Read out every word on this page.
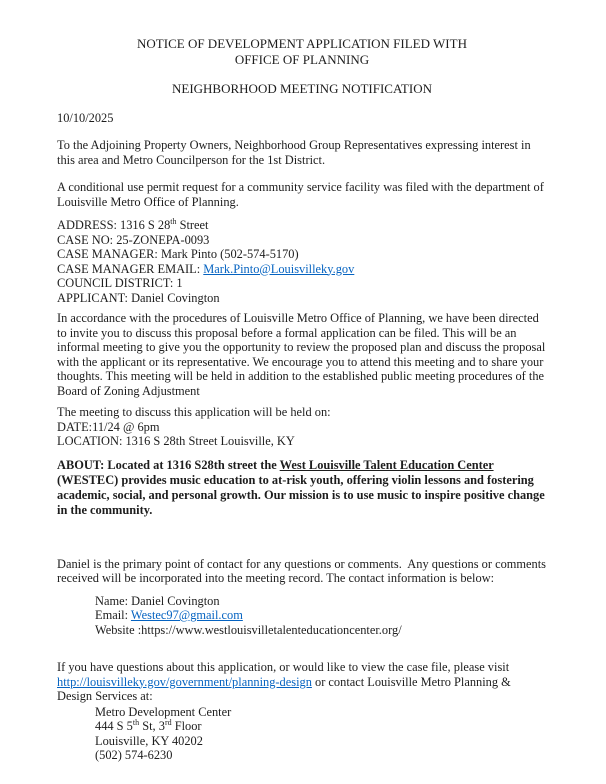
NOTICE OF DEVELOPMENT APPLICATION FILED WITH
OFFICE OF PLANNING
NEIGHBORHOOD MEETING NOTIFICATION
10/10/2025

To the Adjoining Property Owners, Neighborhood Group Representatives expressing interest in this area and Metro Councilperson for the 1st District.

A conditional use permit request for a community service facility was filed with the department of Louisville Metro Office of Planning.

ADDRESS: 1316 S 28th Street
CASE NO: 25-ZONEPA-0093
CASE MANAGER: Mark Pinto (502-574-5170)
CASE MANAGER EMAIL: Mark.Pinto@Louisvilleky.gov
COUNCIL DISTRICT: 1
APPLICANT: Daniel Covington

In accordance with the procedures of Louisville Metro Office of Planning, we have been directed to invite you to discuss this proposal before a formal application can be filed. This will be an informal meeting to give you the opportunity to review the proposed plan and discuss the proposal with the applicant or its representative. We encourage you to attend this meeting and to share your thoughts. This meeting will be held in addition to the established public meeting procedures of the Board of Zoning Adjustment

The meeting to discuss this application will be held on:
DATE:11/24 @ 6pm
LOCATION: 1316 S 28th Street Louisville, KY

ABOUT: Located at 1316 S28th street the West Louisville Talent Education Center (WESTEC) provides music education to at-risk youth, offering violin lessons and fostering academic, social, and personal growth. Our mission is to use music to inspire positive change in the community.

Daniel is the primary point of contact for any questions or comments.  Any questions or comments received will be incorporated into the meeting record. The contact information is below:

Name: Daniel Covington
Email: Westec97@gmail.com
Website :https://www.westlouisvilletalenteducationcenter.org/

If you have questions about this application, or would like to view the case file, please visit http://louisvilleky.gov/government/planning-design or contact Louisville Metro Planning & Design Services at:

Metro Development Center
444 S 5th St, 3rd Floor
Louisville, KY 40202
(502) 574-6230
